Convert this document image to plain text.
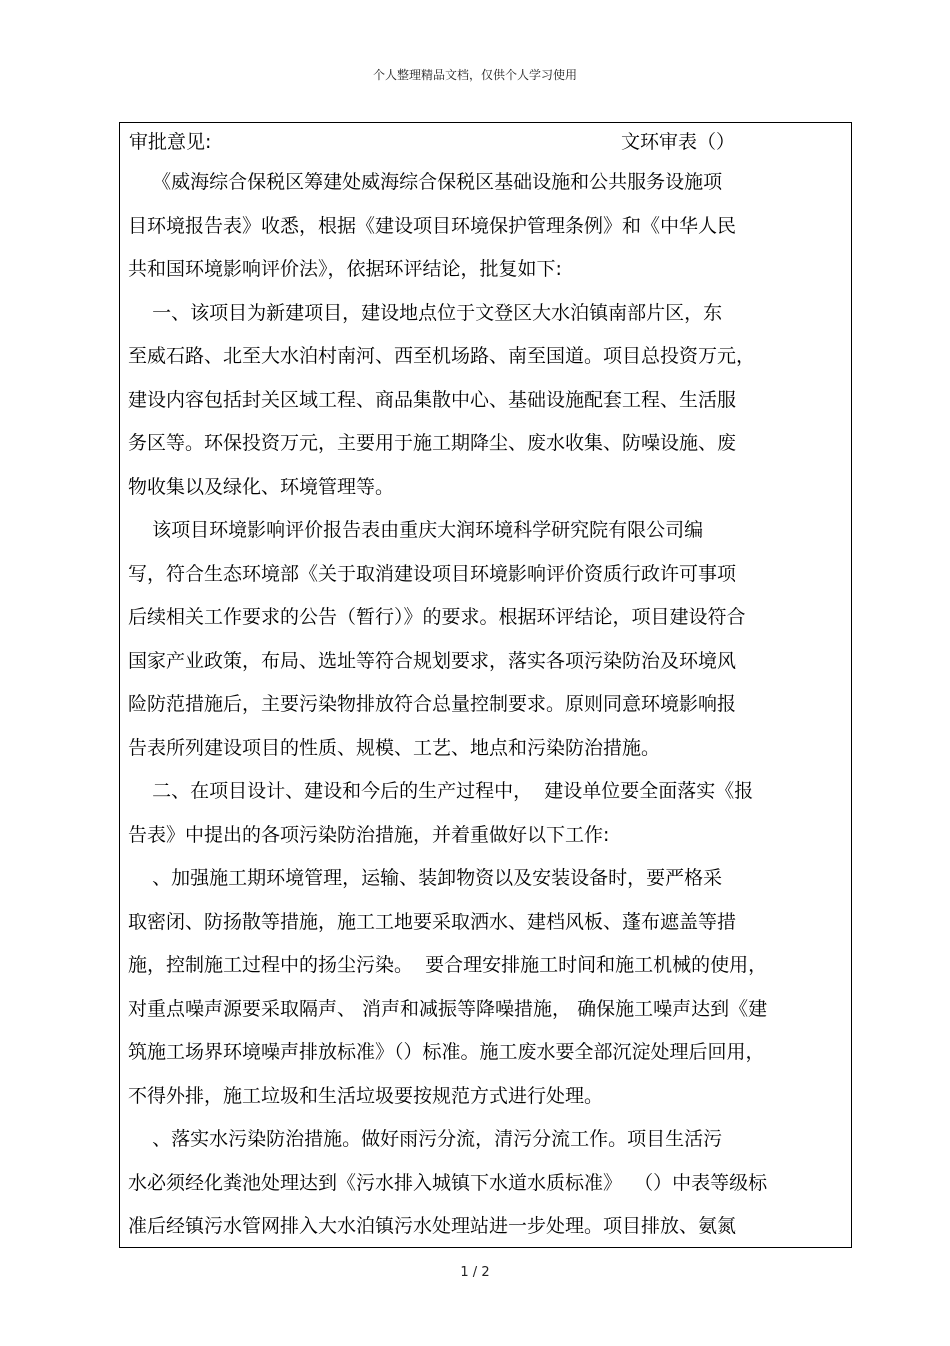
个人整理精品文档，仅供个人学习使用
审批意见:	文环审表（）
《威海综合保税区筹建处威海综合保税区基础设施和公共服务设施项
目环境报告表》收悉，根据《建设项目环境保护管理条例》和《中华人民
共和国环境影响评价法》，依据环评结论，批复如下:
一、该项目为新建项目，建设地点位于文登区大水泊镇南部片区，东
至威石路、北至大水泊村南河、西至机场路、南至国道。项目总投资万元，
建设内容包括封关区域工程、商品集散中心、基础设施配套工程、生活服
务区等。环保投资万元，主要用于施工期降尘、废水收集、防噪设施、废
物收集以及绿化、环境管理等。
该项目环境影响评价报告表由重庆大润环境科学研究院有限公司编
写，符合生态环境部《关于取消建设项目环境影响评价资质行政许可事项
后续相关工作要求的公告（暂行）》的要求。根据环评结论，项目建设符合
国家产业政策，布局、选址等符合规划要求，落实各项污染防治及环境风
险防范措施后，主要污染物排放符合总量控制要求。原则同意环境影响报
告表所列建设项目的性质、规模、工艺、地点和污染防治措施。
二、在项目设计、建设和今后的生产过程中，  建设单位要全面落实《报
告表》中提出的各项污染防治措施，并着重做好以下工作:
、加强施工期环境管理，运输、装卸物资以及安装设备时，要严格采
取密闭、防扬散等措施，施工工地要采取洒水、建档风板、蓬布遮盖等措
施，控制施工过程中的扬尘污染。  要合理安排施工时间和施工机械的使用，
对重点噪声源要采取隔声、 消声和减振等降噪措施， 确保施工噪声达到《建
筑施工场界环境噪声排放标准》（）标准。施工废水要全部沉淀处理后回用，
不得外排，施工垃圾和生活垃圾要按规范方式进行处理。
、落实水污染防治措施。做好雨污分流，清污分流工作。项目生活污
水必须经化粪池处理达到《污水排入城镇下水道水质标准》  （）中表等级标
准后经镇污水管网排入大水泊镇污水处理站进一步处理。项目排放、氨氮
1 / 2
